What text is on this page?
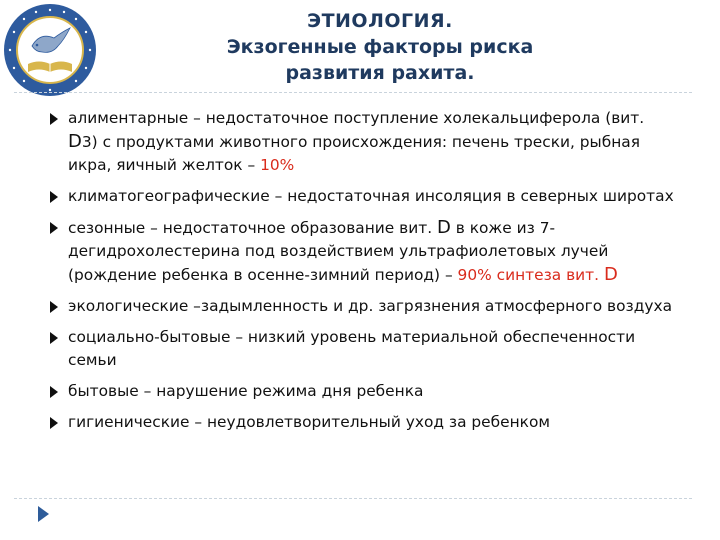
ЭТИОЛОГИЯ.
Экзогенные факторы риска
развития рахита.
алиментарные – недостаточное поступление холекальциферола (вит. D3) с продуктами животного происхождения: печень трески, рыбная икра, яичный желток – 10%
климатогеографические – недостаточная инсоляция в северных широтах
сезонные – недостаточное образование вит. D в коже из 7-дегидрохолестерина под воздействием ультрафиолетовых лучей (рождение ребенка в осенне-зимний период) – 90% синтеза вит. D
экологические –задымленность и др. загрязнения атмосферного воздуха
социально-бытовые – низкий уровень материальной обеспеченности семьи
бытовые – нарушение режима дня ребенка
гигиенические – неудовлетворительный уход за ребенком
